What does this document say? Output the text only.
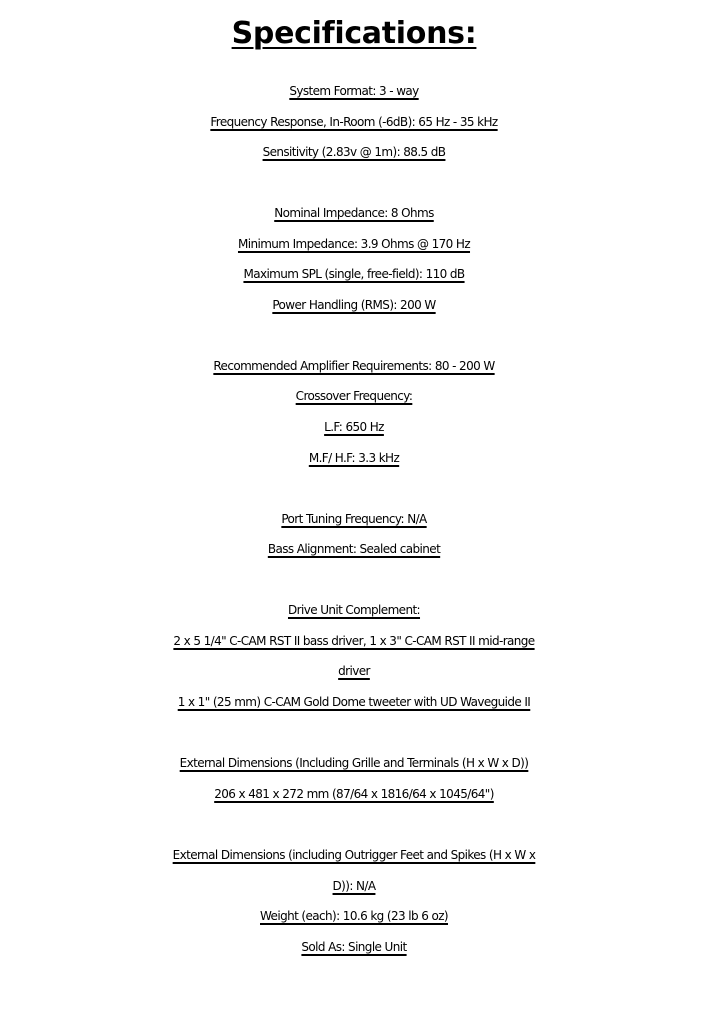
Specifications:
System Format: 3 - way
Frequency Response, In-Room (-6dB): 65 Hz - 35 kHz
Sensitivity (2.83v @ 1m): 88.5 dB
Nominal Impedance: 8 Ohms
Minimum Impedance: 3.9 Ohms @ 170 Hz
Maximum SPL (single, free-field): 110 dB
Power Handling (RMS): 200 W
Recommended Amplifier Requirements: 80 - 200 W
Crossover Frequency:
L.F: 650 Hz
M.F/ H.F: 3.3 kHz
Port Tuning Frequency: N/A
Bass Alignment: Sealed cabinet
Drive Unit Complement:
2 x 5 1/4" C-CAM RST II bass driver, 1 x 3" C-CAM RST II mid-range
driver
1 x 1" (25 mm) C-CAM Gold Dome tweeter with UD Waveguide II
External Dimensions (Including Grille and Terminals (H x W x D))
206 x 481 x 272 mm (87/64 x 1816/64 x 1045/64")
External Dimensions (including Outrigger Feet and Spikes (H x W x
D)): N/A
Weight (each): 10.6 kg (23 lb 6 oz)
Sold As: Single Unit
